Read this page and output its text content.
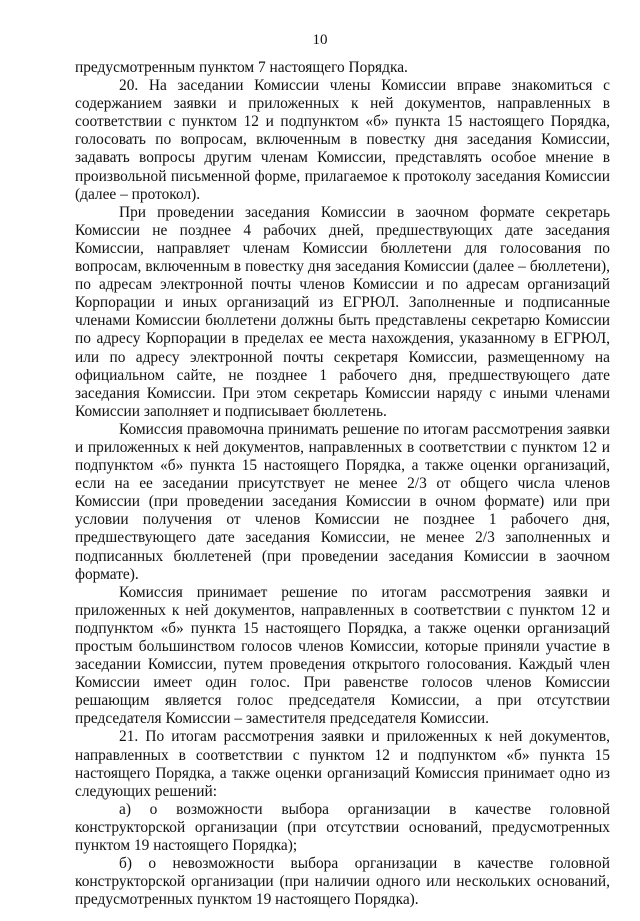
10

предусмотренным пунктом 7 настоящего Порядка.

20. На заседании Комиссии члены Комиссии вправе знакомиться с содержанием заявки и приложенных к ней документов, направленных в соответствии с пунктом 12 и подпунктом «б» пункта 15 настоящего Порядка, голосовать по вопросам, включенным в повестку дня заседания Комиссии, задавать вопросы другим членам Комиссии, представлять особое мнение в произвольной письменной форме, прилагаемое к протоколу заседания Комиссии (далее – протокол).

При проведении заседания Комиссии в заочном формате секретарь Комиссии не позднее 4 рабочих дней, предшествующих дате заседания Комиссии, направляет членам Комиссии бюллетени для голосования по вопросам, включенным в повестку дня заседания Комиссии (далее – бюллетени), по адресам электронной почты членов Комиссии и по адресам организаций Корпорации и иных организаций из ЕГРЮЛ. Заполненные и подписанные членами Комиссии бюллетени должны быть представлены секретарю Комиссии по адресу Корпорации в пределах ее места нахождения, указанному в ЕГРЮЛ, или по адресу электронной почты секретаря Комиссии, размещенному на официальном сайте, не позднее 1 рабочего дня, предшествующего дате заседания Комиссии. При этом секретарь Комиссии наряду с иными членами Комиссии заполняет и подписывает бюллетень.

Комиссия правомочна принимать решение по итогам рассмотрения заявки и приложенных к ней документов, направленных в соответствии с пунктом 12 и подпунктом «б» пункта 15 настоящего Порядка, а также оценки организаций, если на ее заседании присутствует не менее 2/3 от общего числа членов Комиссии (при проведении заседания Комиссии в очном формате) или при условии получения от членов Комиссии не позднее 1 рабочего дня, предшествующего дате заседания Комиссии, не менее 2/3 заполненных и подписанных бюллетеней (при проведении заседания Комиссии в заочном формате).

Комиссия принимает решение по итогам рассмотрения заявки и приложенных к ней документов, направленных в соответствии с пунктом 12 и подпунктом «б» пункта 15 настоящего Порядка, а также оценки организаций простым большинством голосов членов Комиссии, которые приняли участие в заседании Комиссии, путем проведения открытого голосования. Каждый член Комиссии имеет один голос. При равенстве голосов членов Комиссии решающим является голос председателя Комиссии, а при отсутствии председателя Комиссии – заместителя председателя Комиссии.

21. По итогам рассмотрения заявки и приложенных к ней документов, направленных в соответствии с пунктом 12 и подпунктом «б» пункта 15 настоящего Порядка, а также оценки организаций Комиссия принимает одно из следующих решений:

а) о возможности выбора организации в качестве головной конструкторской организации (при отсутствии оснований, предусмотренных пунктом 19 настоящего Порядка);

б) о невозможности выбора организации в качестве головной конструкторской организации (при наличии одного или нескольких оснований, предусмотренных пунктом 19 настоящего Порядка).
